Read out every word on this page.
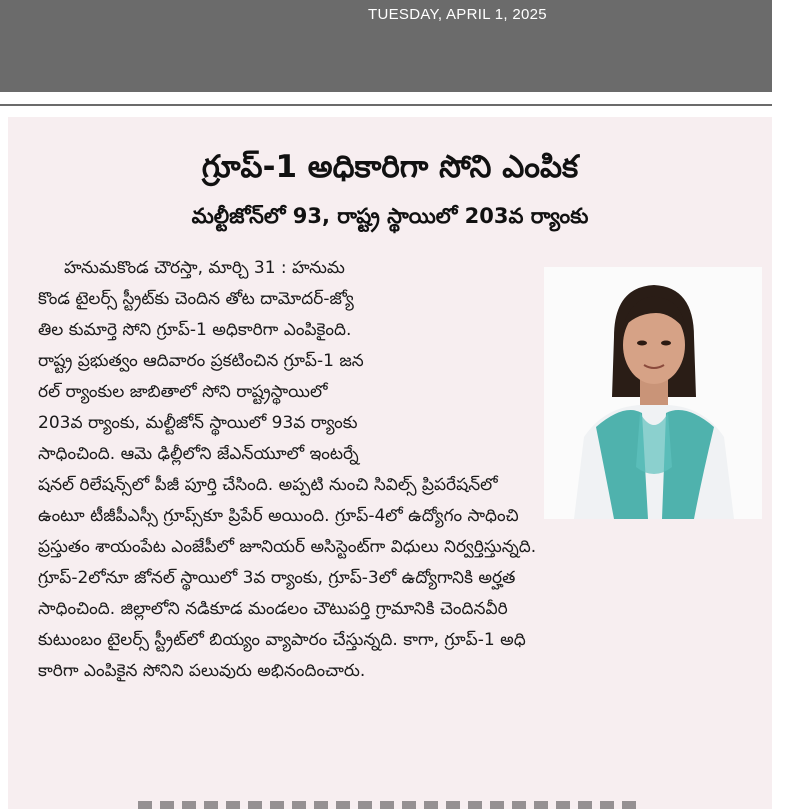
TUESDAY, APRIL 1, 2025
గ్రూప్-1 అధికారిగా సోని ఎంపిక
మల్టీజోన్‌లో 93, రాష్ట్ర స్థాయిలో 203వ ర్యాంకు
హనుమకొండ చౌరస్తా, మార్చి 31 : హనుమ
కొండ టైలర్స్ స్ట్రీట్‌కు చెందిన తోట దామోదర్-జ్యో
తిల కుమార్తె సోని గ్రూప్-1 అధికారిగా ఎంపికైంది.
రాష్ట్ర ప్రభుత్వం ఆదివారం ప్రకటించిన గ్రూప్-1 జన
రల్ ర్యాంకుల జాబితాలో సోని రాష్ట్రస్థాయిలో
203వ ర్యాంకు, మల్టీజోన్ స్థాయిలో 93వ ర్యాంకు
సాధించింది. ఆమె ఢిల్లీలోని జేఎన్‌యూలో ఇంటర్నే
షనల్ రిలేషన్స్‌లో పీజీ పూర్తి చేసింది. అప్పటి నుంచి సివిల్స్ ప్రిపరేషన్‌లో
ఉంటూ టీజీపీఎస్సీ గ్రూప్స్‌కూ ప్రిపేర్ అయింది. గ్రూప్-4లో ఉద్యోగం సాధించి
ప్రస్తుతం శాయంపేట ఎంజేపీలో జూనియర్ అసిస్టెంట్‌గా విధులు నిర్వర్తిస్తున్నది.
గ్రూప్-2లోనూ జోనల్ స్థాయిలో 3వ ర్యాంకు, గ్రూప్-3లో ఉద్యోగానికి అర్హత
సాధించింది. జిల్లాలోని నడికూడ మండలం చౌటుపర్తి గ్రామానికి చెందినవీరి
కుటుంబం టైలర్స్ స్ట్రీట్‌లో బియ్యం వ్యాపారం చేస్తున్నది. కాగా, గ్రూప్-1 అధి
కారిగా ఎంపికైన సోనిని పలువురు అభినందించారు.
